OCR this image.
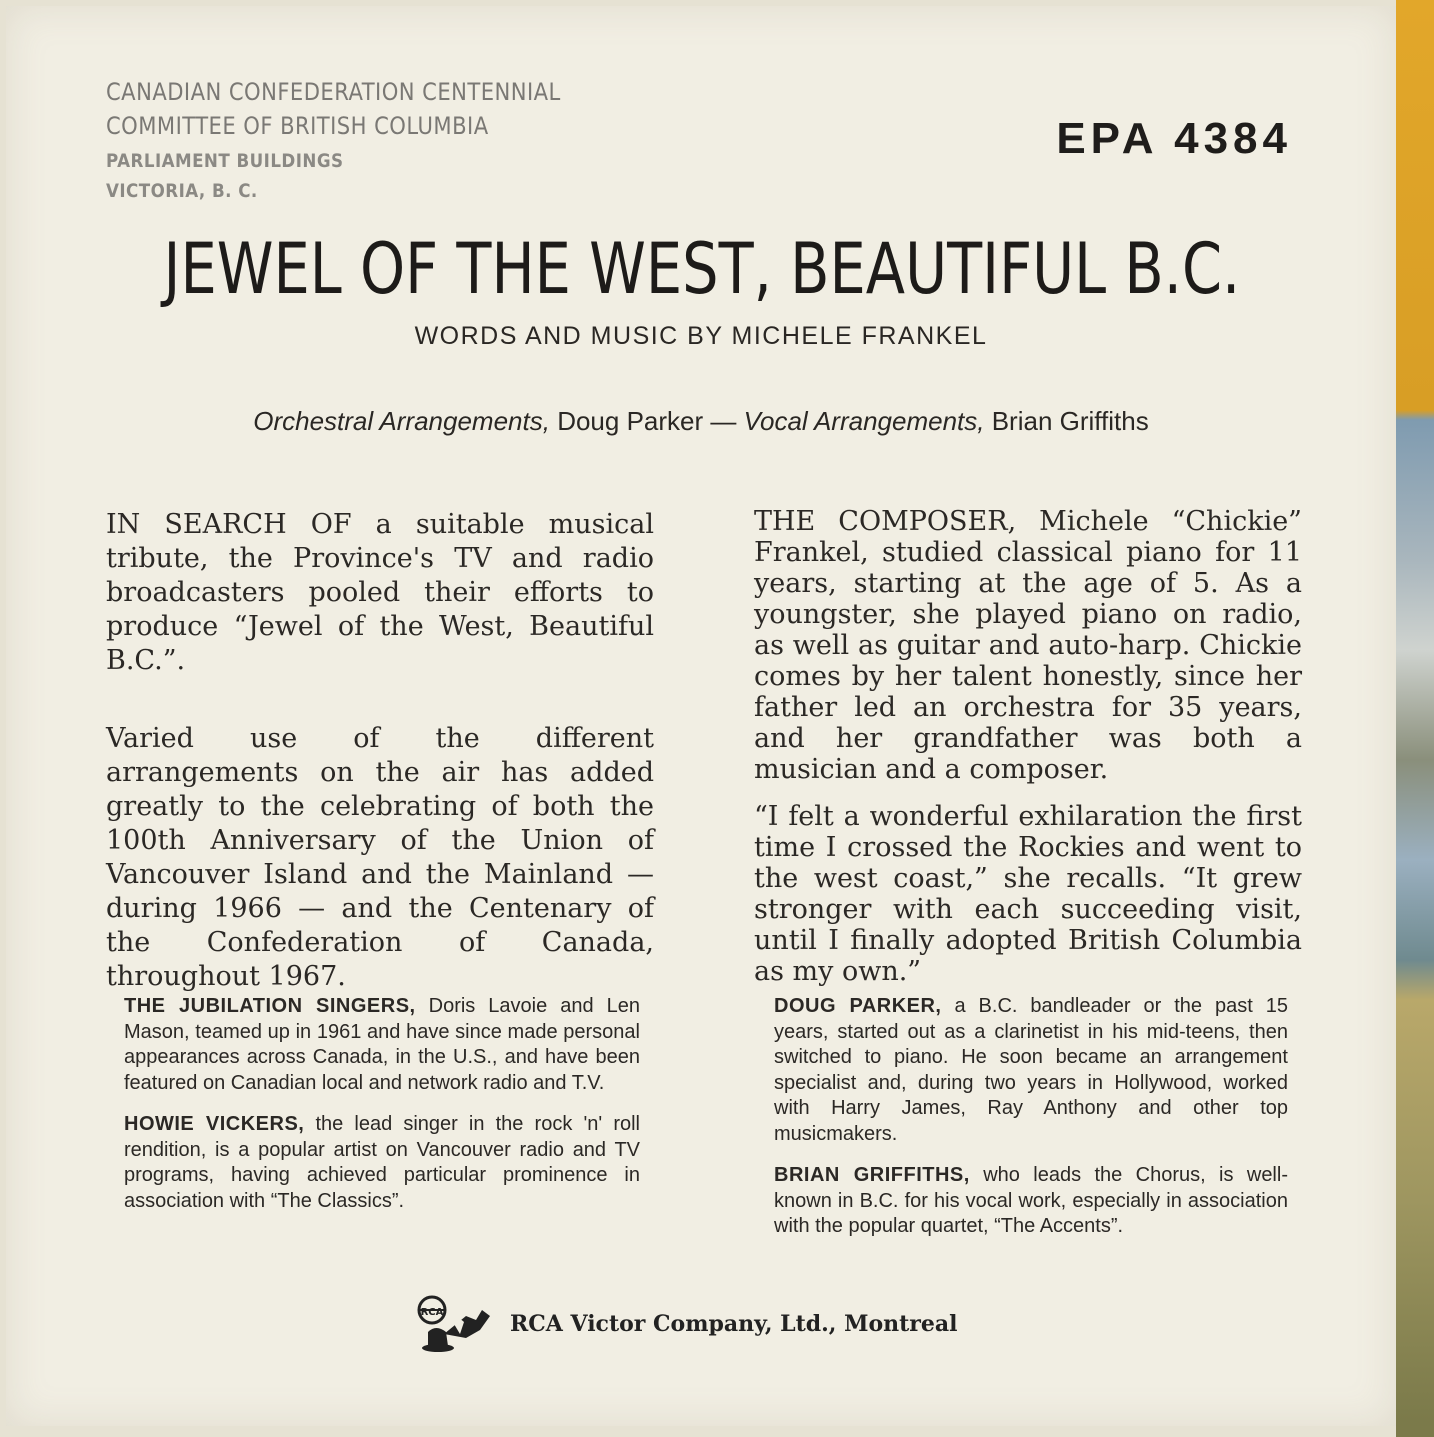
CANADIAN CONFEDERATION CENTENNIAL
COMMITTEE OF BRITISH COLUMBIA
PARLIAMENT BUILDINGS
VICTORIA, B. C.
EPA 4384
JEWEL OF THE WEST, BEAUTIFUL B.C.
WORDS AND MUSIC BY MICHELE FRANKEL
Orchestral Arrangements, Doug Parker — Vocal Arrangements, Brian Griffiths

IN SEARCH OF a suitable musical tribute, the Province's TV and radio broadcasters pooled their efforts to produce “Jewel of the West, Beautiful B.C.”.

Varied use of the different arrangements on the air has added greatly to the celebrating of both the 100th Anniversary of the Union of Vancouver Island and the Mainland — during 1966 — and the Centenary of the Confederation of Canada, throughout 1967.

THE COMPOSER, Michele “Chickie” Frankel, studied classical piano for 11 years, starting at the age of 5. As a youngster, she played piano on radio, as well as guitar and auto-harp. Chickie comes by her talent honestly, since her father led an orchestra for 35 years, and her grandfather was both a musician and a composer.

“I felt a wonderful exhilaration the first time I crossed the Rockies and went to the west coast,” she recalls. “It grew stronger with each succeeding visit, until I finally adopted British Columbia as my own.”

THE JUBILATION SINGERS, Doris Lavoie and Len Mason, teamed up in 1961 and have since made personal appearances across Canada, in the U.S., and have been featured on Canadian local and network radio and T.V.

HOWIE VICKERS, the lead singer in the rock 'n' roll rendition, is a popular artist on Vancouver radio and TV programs, having achieved particular prominence in association with “The Classics”.

DOUG PARKER, a B.C. bandleader or the past 15 years, started out as a clarinetist in his mid-teens, then switched to piano. He soon became an arrangement specialist and, during two years in Hollywood, worked with Harry James, Ray Anthony and other top musicmakers.

BRIAN GRIFFITHS, who leads the Chorus, is well-known in B.C. for his vocal work, especially in association with the popular quartet, “The Accents”.

RCA	RCA Victor Company, Ltd., Montreal
